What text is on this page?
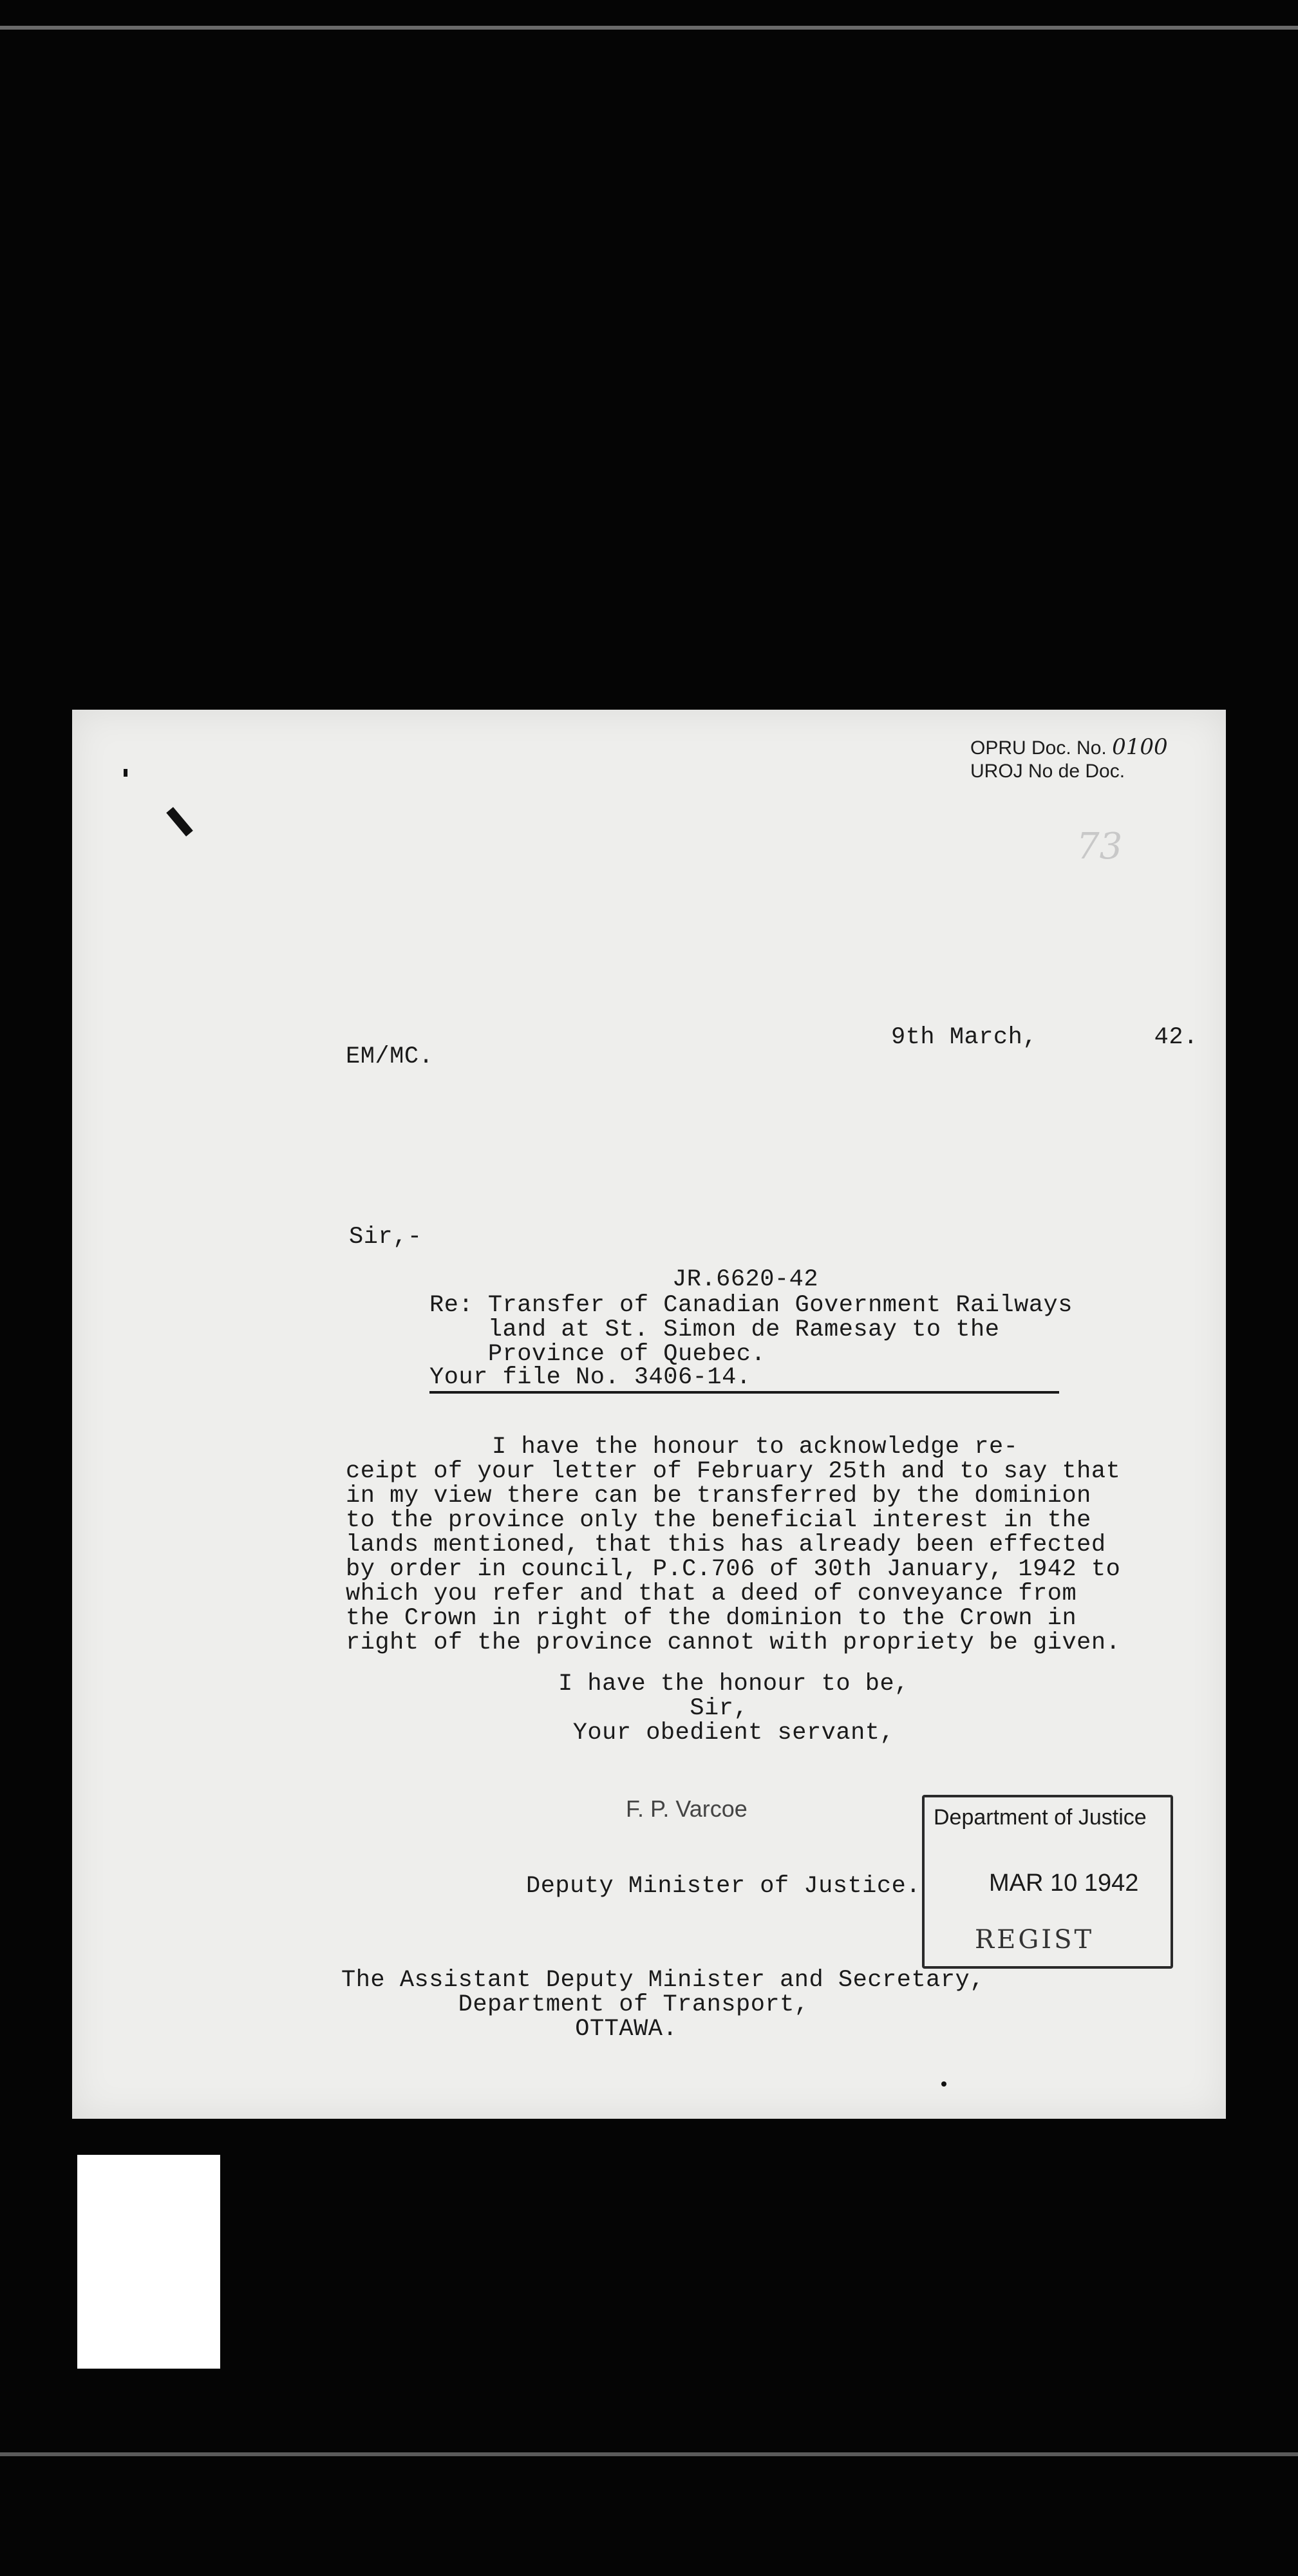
OPRU Doc. No. 0100
UROJ No de Doc.
73
EM/MC.
9th March,        42.
Sir,-
JR.6620-42
Re: Transfer of Canadian Government Railways
land at St. Simon de Ramesay to the
Province of Quebec.
Your file No. 3406-14.
I have the honour to acknowledge re-
ceipt of your letter of February 25th and to say that
in my view there can be transferred by the dominion
to the province only the beneficial interest in the
lands mentioned, that this has already been effected
by order in council, P.C.706 of 30th January, 1942 to
which you refer and that a deed of conveyance from
the Crown in right of the dominion to the Crown in
right of the province cannot with propriety be given.
I have the honour to be,
Sir,
Your obedient servant,
F. P. Varcoe
Deputy Minister of Justice.
Department of Justice
MAR 10 1942
REGIST
The Assistant Deputy Minister and Secretary,
Department of Transport,
OTTAWA.
